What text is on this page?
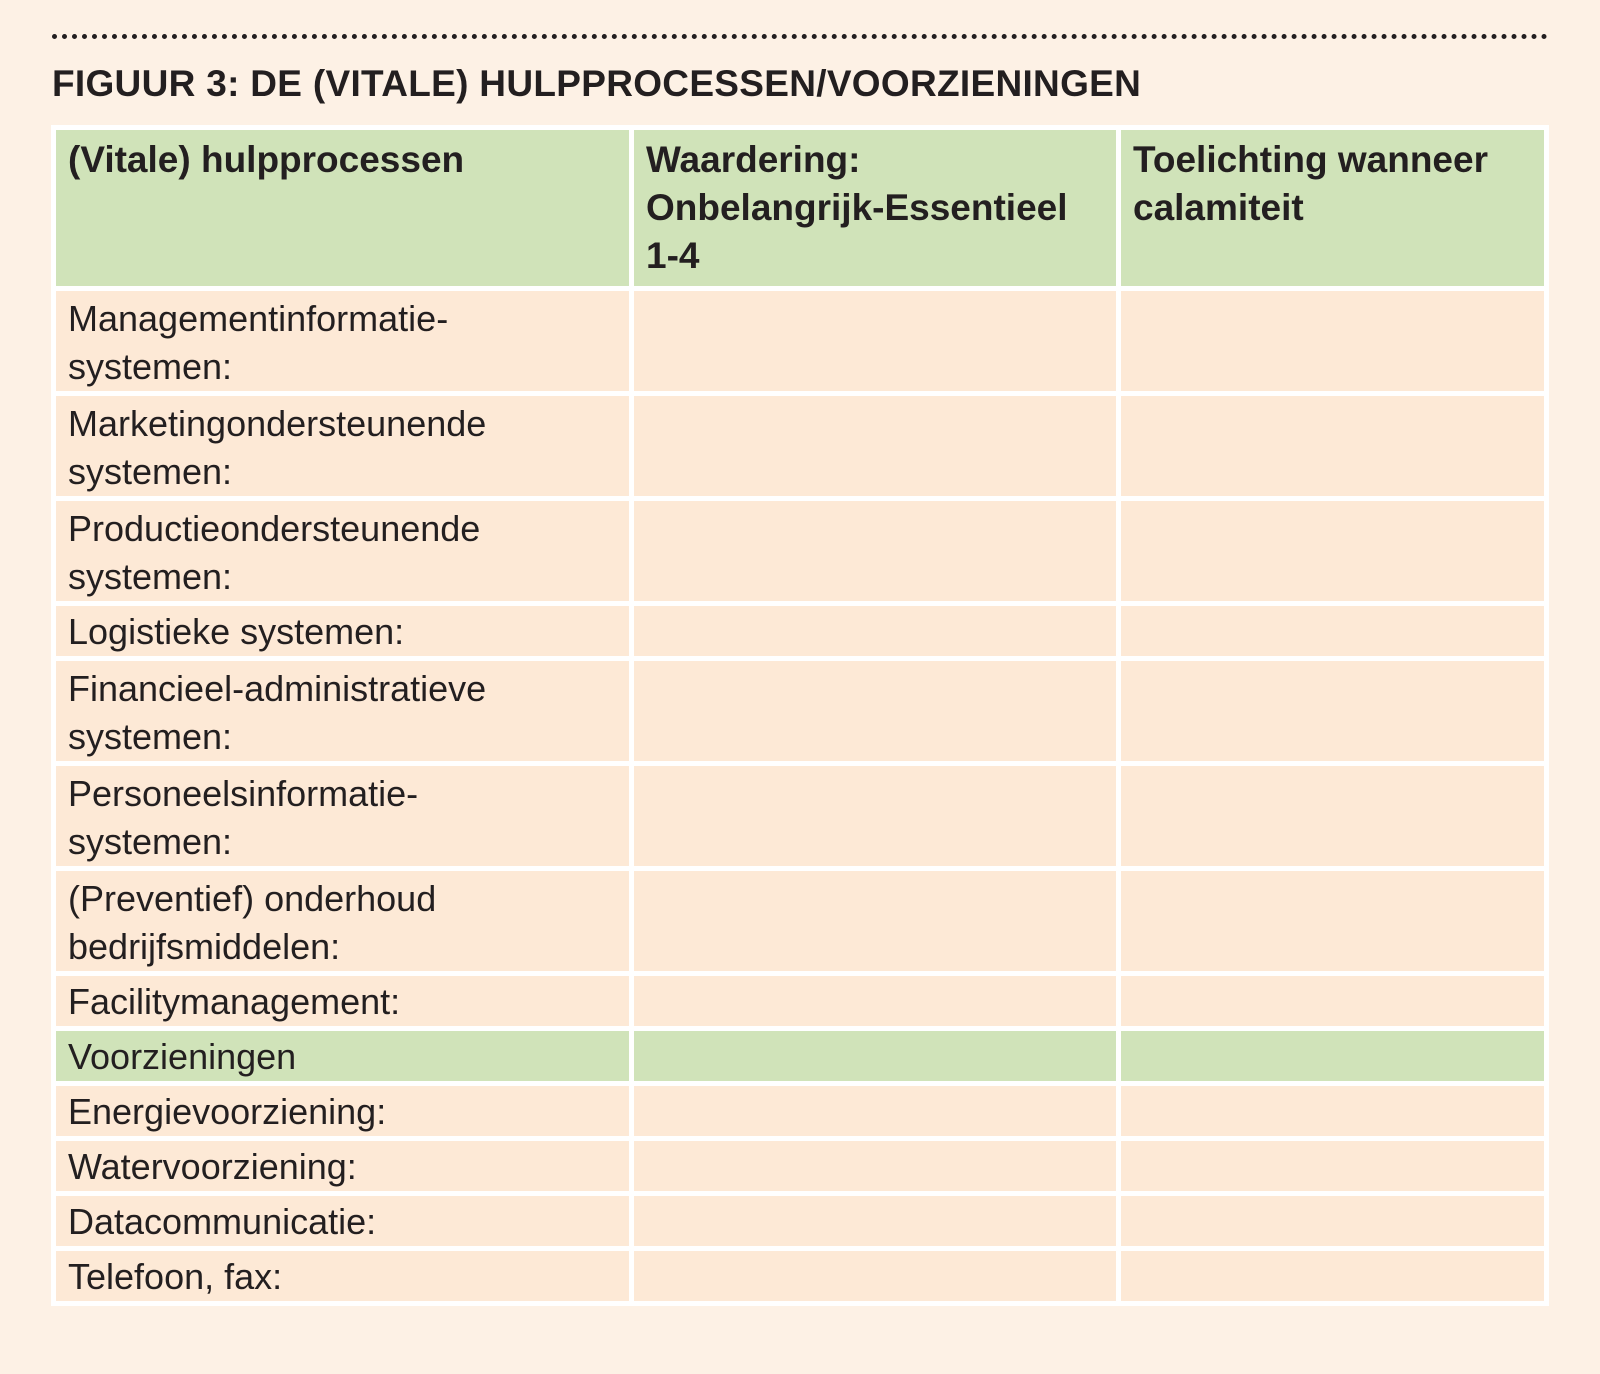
FIGUUR 3: DE (VITALE) HULPPROCESSEN/VOORZIENINGEN
(Vitale) hulpprocessen	Waardering: Onbelangrijk-Essentieel 1-4	Toelichting wanneer calamiteit
Managementinformatie-
systemen:		
Marketingondersteunende
systemen:		
Productieondersteunende
systemen:		
Logistieke systemen:		
Financieel-administratieve
systemen:		
Personeelsinformatie-
systemen:		
(Preventief) onderhoud
bedrijfsmiddelen:		
Facilitymanagement:		
Voorzieningen		
Energievoorziening:		
Watervoorziening:		
Datacommunicatie:		
Telefoon, fax:		
